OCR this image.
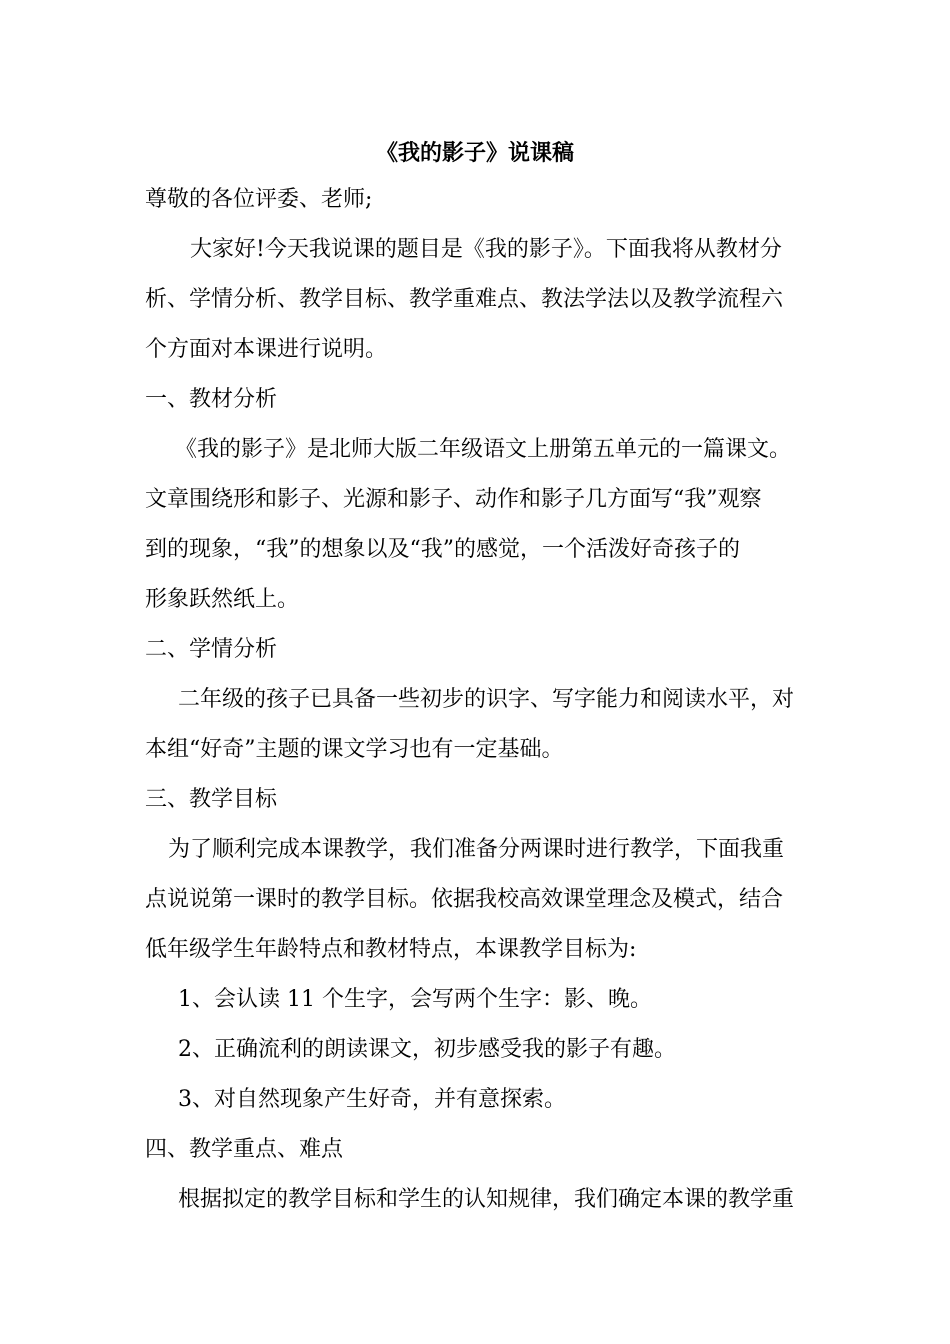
《我的影子》说课稿
尊敬的各位评委、老师;
大家好!今天我说课的题目是《我的影子》。下面我将从教材分
析、学情分析、教学目标、教学重难点、教法学法以及教学流程六
个方面对本课进行说明。
一、教材分析
《我的影子》是北师大版二年级语文上册第五单元的一篇课文。
文章围绕形和影子、光源和影子、动作和影子几方面写“我”观察
到的现象，“我”的想象以及“我”的感觉，一个活泼好奇孩子的
形象跃然纸上。
二、学情分析
二年级的孩子已具备一些初步的识字、写字能力和阅读水平，对
本组“好奇”主题的课文学习也有一定基础。
三、教学目标
为了顺利完成本课教学，我们准备分两课时进行教学，下面我重
点说说第一课时的教学目标。依据我校高效课堂理念及模式，结合
低年级学生年龄特点和教材特点，本课教学目标为:
1、会认读 11 个生字，会写两个生字：影、晚。
2、正确流利的朗读课文，初步感受我的影子有趣。
3、对自然现象产生好奇，并有意探索。
四、教学重点、难点
根据拟定的教学目标和学生的认知规律，我们确定本课的教学重
